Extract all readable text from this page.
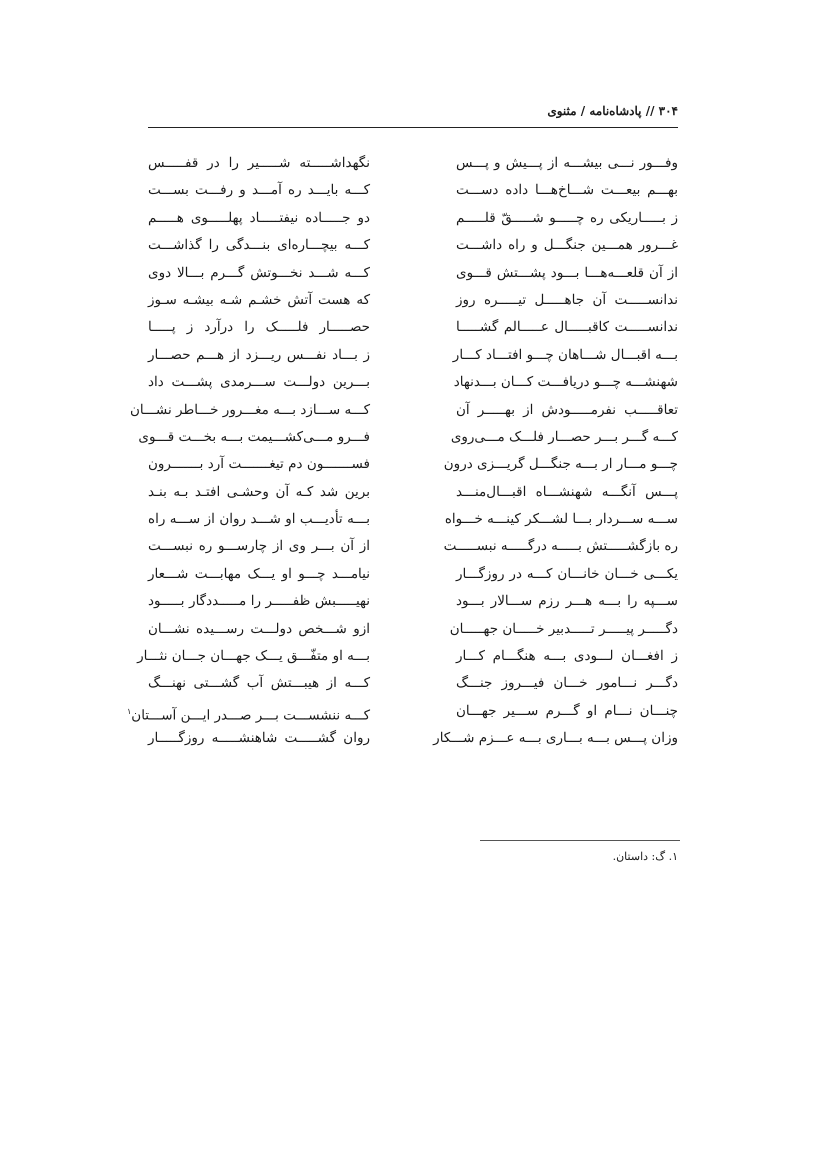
۳۰۴ // پادشاه‌نامه / مثنوی
وفـــور نـــی بیشـــه از پـــیش و پـــس
نگهداشـــــته شـــــیر را در قفـــــس
بهـــم بیعـــت شـــاخ‌هـــا داده دســـت
کـــه بایـــد ره آمـــد و رفـــت بســـت
ز بـــــاریکی ره چـــــو شـــــقّ قلـــــم
دو جـــــاده نیفتـــــاد پهلـــــوی هـــــم
غـــرور همـــین جنگـــل و راه داشـــت
کـــه بیچـــاره‌ای بنـــدگی را گذاشـــت
از آن قلعـــه‌هـــا بـــود پشـــتش قـــوی
کـــه شـــد نخـــوتش گـــرم بـــالا دوی
ندانســـــت آن جاهـــــل تیـــــره روز
که هست آتش خشـم شـه بیشـه سـوز
ندانســـــت کاقبـــــال عـــــالم گشـــــا
حصـــــار فلـــــک را درآرد ز پـــــا
بـــه اقبـــال شـــاهان چـــو افتـــاد کـــار
ز بـــاد نفـــس ریـــزد از هـــم حصـــار
شهنشـــه چـــو دریافـــت کـــان بـــدنهاد
بـــرین دولـــت ســـرمدی پشـــت داد
تعاقـــــب نفرمـــــودش از بهـــــر آن
کـــه ســـازد بـــه مغـــرور خـــاطر نشـــان
کـــه گـــر بـــر حصـــار فلـــک مـــی‌روی
فـــرو مـــی‌کشـــیمت بـــه بخـــت قـــوی
چـــو مـــار ار بـــه جنگـــل گریـــزی درون
فســـــــون دم تیغـــــــت آرد بـــــــرون
پـــس آنگـــه شهنشـــاه اقبـــال‌منـــد
برین شد کـه آن وحشـی افتـد بـه بنـد
ســـه ســـردار بـــا لشـــکر کینـــه خـــواه
بـــه تأدیـــب او شـــد روان از ســـه راه
ره بازگشـــــتش بـــــه درگـــــه نبســـــت
از آن بـــر وی از چارســـو ره نبســـت
یکـــی خـــان خانـــان کـــه در روزگـــار
نیامـــد چـــو او یـــک مهابـــت شـــعار
ســـپه را بـــه هـــر رزم ســـالار بـــود
نهیـــــبش ظفـــــر را مـــــددگار بـــــود
دگـــــر پیـــــر تـــــدبیر خـــــان جهـــــان
ازو شـــخص دولـــت رســـیده نشـــان
ز افغـــان لـــودی بـــه هنگـــام کـــار
بـــه او متفّـــق یـــک جهـــان جـــان نثـــار
دگـــر نـــامور خـــان فیـــروز جنـــگ
کـــه از هیبـــتش آب گشـــتی نهنـــگ
چنـــان نـــام او گـــرم ســـیر جهـــان
کـــه ننشســـت بـــر صـــدر ایـــن آســـتان$^۱$
وزان پـــس بـــه بـــاری بـــه عـــزم شـــکار
روان گشـــــت شاهنشـــــه روزگـــــار
۱. گ: داستان.
